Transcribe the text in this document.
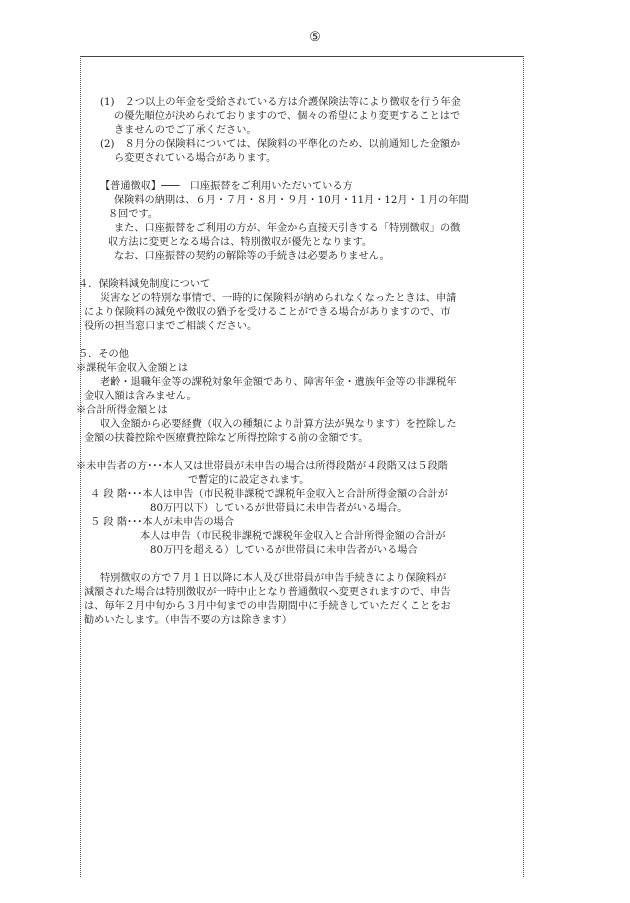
⑤

(1)　２つ以上の年金を受給されている方は介護保険法等により徴収を行う年金

の優先順位が決められておりますので、個々の希望により変更することはで

きませんのでご了承ください。

(2)　８月分の保険料については、保険料の平準化のため、以前通知した金額か

ら変更されている場合があります。

【普通徴収】───　口座振替をご利用いただいている方

保険料の納期は、６月・７月・８月・９月・10月・11月・12月・１月の年間

８回です。

また、口座振替をご利用の方が、年金から直接天引きする「特別徴収」の徴

収方法に変更となる場合は、特別徴収が優先となります。

なお、口座振替の契約の解除等の手続きは必要ありません。

４．保険料減免制度について

災害などの特別な事情で、一時的に保険料が納められなくなったときは、申請

により保険料の減免や徴収の猶予を受けることができる場合がありますので、市

役所の担当窓口までご相談ください。

５．その他

※課税年金収入金額とは

老齢・退職年金等の課税対象年金額であり、障害年金・遺族年金等の非課税年

金収入額は含みません。

※合計所得金額とは

収入金額から必要経費（収入の種類により計算方法が異なります）を控除した

金額の扶養控除や医療費控除など所得控除する前の金額です。

※未申告者の方･･･本人又は世帯員が未申告の場合は所得段階が４段階又は５段階

で暫定的に設定されます。

４ 段 階･･･本人は申告（市民税非課税で課税年金収入と合計所得金額の合計が

80万円以下）しているが世帯員に未申告者がいる場合。

５ 段 階･･･本人が未申告の場合

本人は申告（市民税非課税で課税年金収入と合計所得金額の合計が

80万円を超える）しているが世帯員に未申告者がいる場合

特別徴収の方で７月１日以降に本人及び世帯員が申告手続きにより保険料が

減額された場合は特別徴収が一時中止となり普通徴収へ変更されますので、申告

は、毎年２月中旬から３月中旬までの申告期間中に手続きしていただくことをお

勧めいたします。（申告不要の方は除きます）
